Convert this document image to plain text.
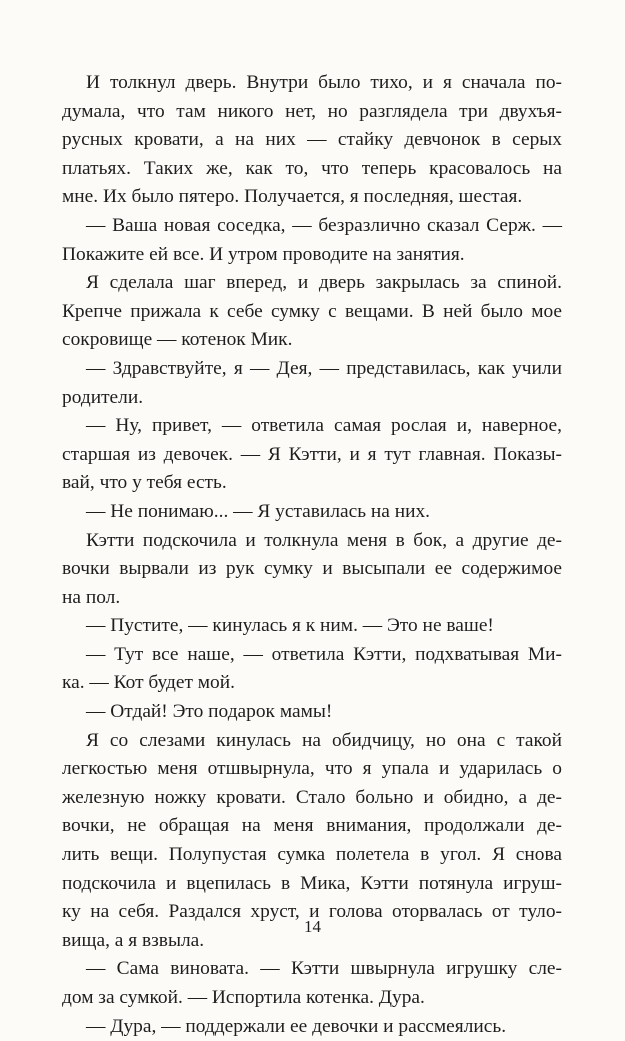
И толкнул дверь. Внутри было тихо, и я сначала по-
думала, что там никого нет, но разглядела три двухъя-
русных кровати, а на них — стайку девчонок в серых
платьях. Таких же, как то, что теперь красовалось на
мне. Их было пятеро. Получается, я последняя, шестая.

— Ваша новая соседка, — безразлично сказал Серж. —
Покажите ей все. И утром проводите на занятия.

Я сделала шаг вперед, и дверь закрылась за спиной.
Крепче прижала к себе сумку с вещами. В ней было мое
сокровище — котенок Мик.

— Здравствуйте, я — Дея, — представилась, как учили
родители.

— Ну, привет, — ответила самая рослая и, наверное,
старшая из девочек. — Я Кэтти, и я тут главная. Показы-
вай, что у тебя есть.

— Не понимаю... — Я уставилась на них.

Кэтти подскочила и толкнула меня в бок, а другие де-
вочки вырвали из рук сумку и высыпали ее содержимое
на пол.

— Пустите, — кинулась я к ним. — Это не ваше!

— Тут все наше, — ответила Кэтти, подхватывая Ми-
ка. — Кот будет мой.

— Отдай! Это подарок мамы!

Я со слезами кинулась на обидчицу, но она с такой
легкостью меня отшвырнула, что я упала и ударилась о
железную ножку кровати. Стало больно и обидно, а де-
вочки, не обращая на меня внимания, продолжали де-
лить вещи. Полупустая сумка полетела в угол. Я снова
подскочила и вцепилась в Мика, Кэтти потянула игруш-
ку на себя. Раздался хруст, и голова оторвалась от туло-
вища, а я взвыла.

— Сама виновата. — Кэтти швырнула игрушку сле-
дом за сумкой. — Испортила котенка. Дура.

— Дура, — поддержали ее девочки и рассмеялись.

14
